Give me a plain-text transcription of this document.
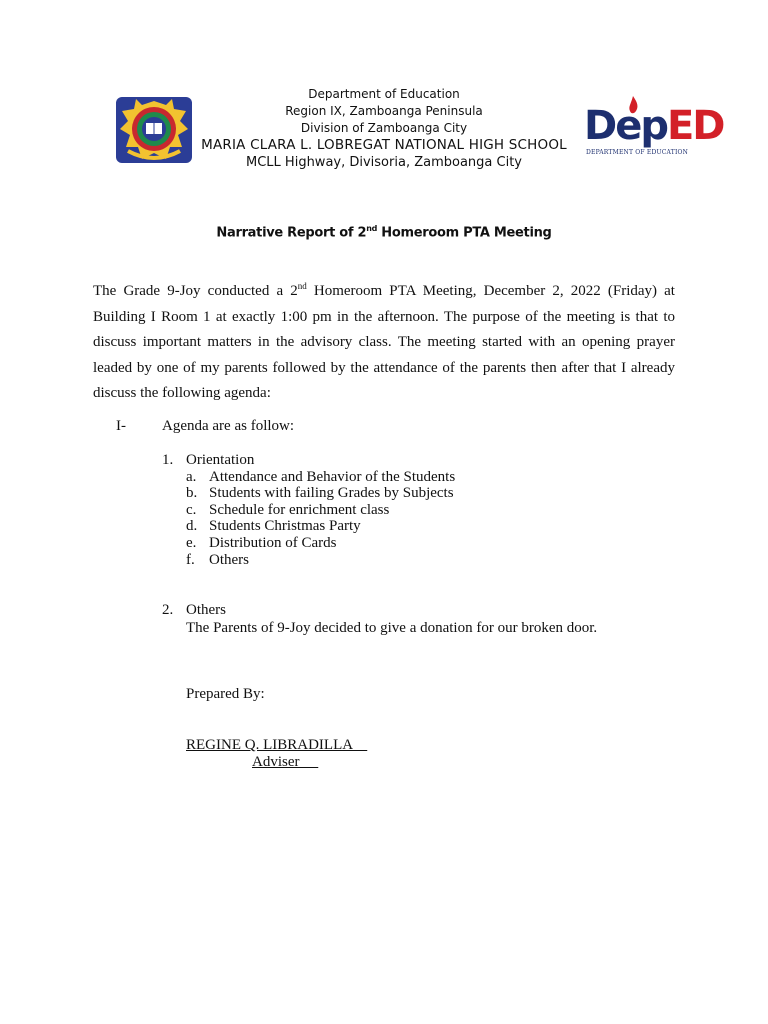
Department of Education
Region IX, Zamboanga Peninsula
Division of Zamboanga City
MARIA CLARA L. LOBREGAT NATIONAL HIGH SCHOOL
MCLL Highway, Divisoria, Zamboanga City
DepED
DEPARTMENT OF EDUCATION
Narrative Report of 2nd Homeroom PTA Meeting
The Grade 9-Joy conducted a 2nd Homeroom PTA Meeting, December 2, 2022 (Friday) at Building I Room 1 at exactly 1:00 pm in the afternoon. The purpose of the meeting is that to discuss important matters in the advisory class. The meeting started with an opening prayer leaded by one of my parents followed by the attendance of the parents then after that I already discuss the following agenda:
I- Agenda are as follow:
1. Orientation
a. Attendance and Behavior of the Students
b. Students with failing Grades by Subjects
c. Schedule for enrichment class
d. Students Christmas Party
e. Distribution of Cards
f. Others
2. Others
The Parents of 9-Joy decided to give a donation for our broken door.
Prepared By:
REGINE Q. LIBRADILLA
Adviser
